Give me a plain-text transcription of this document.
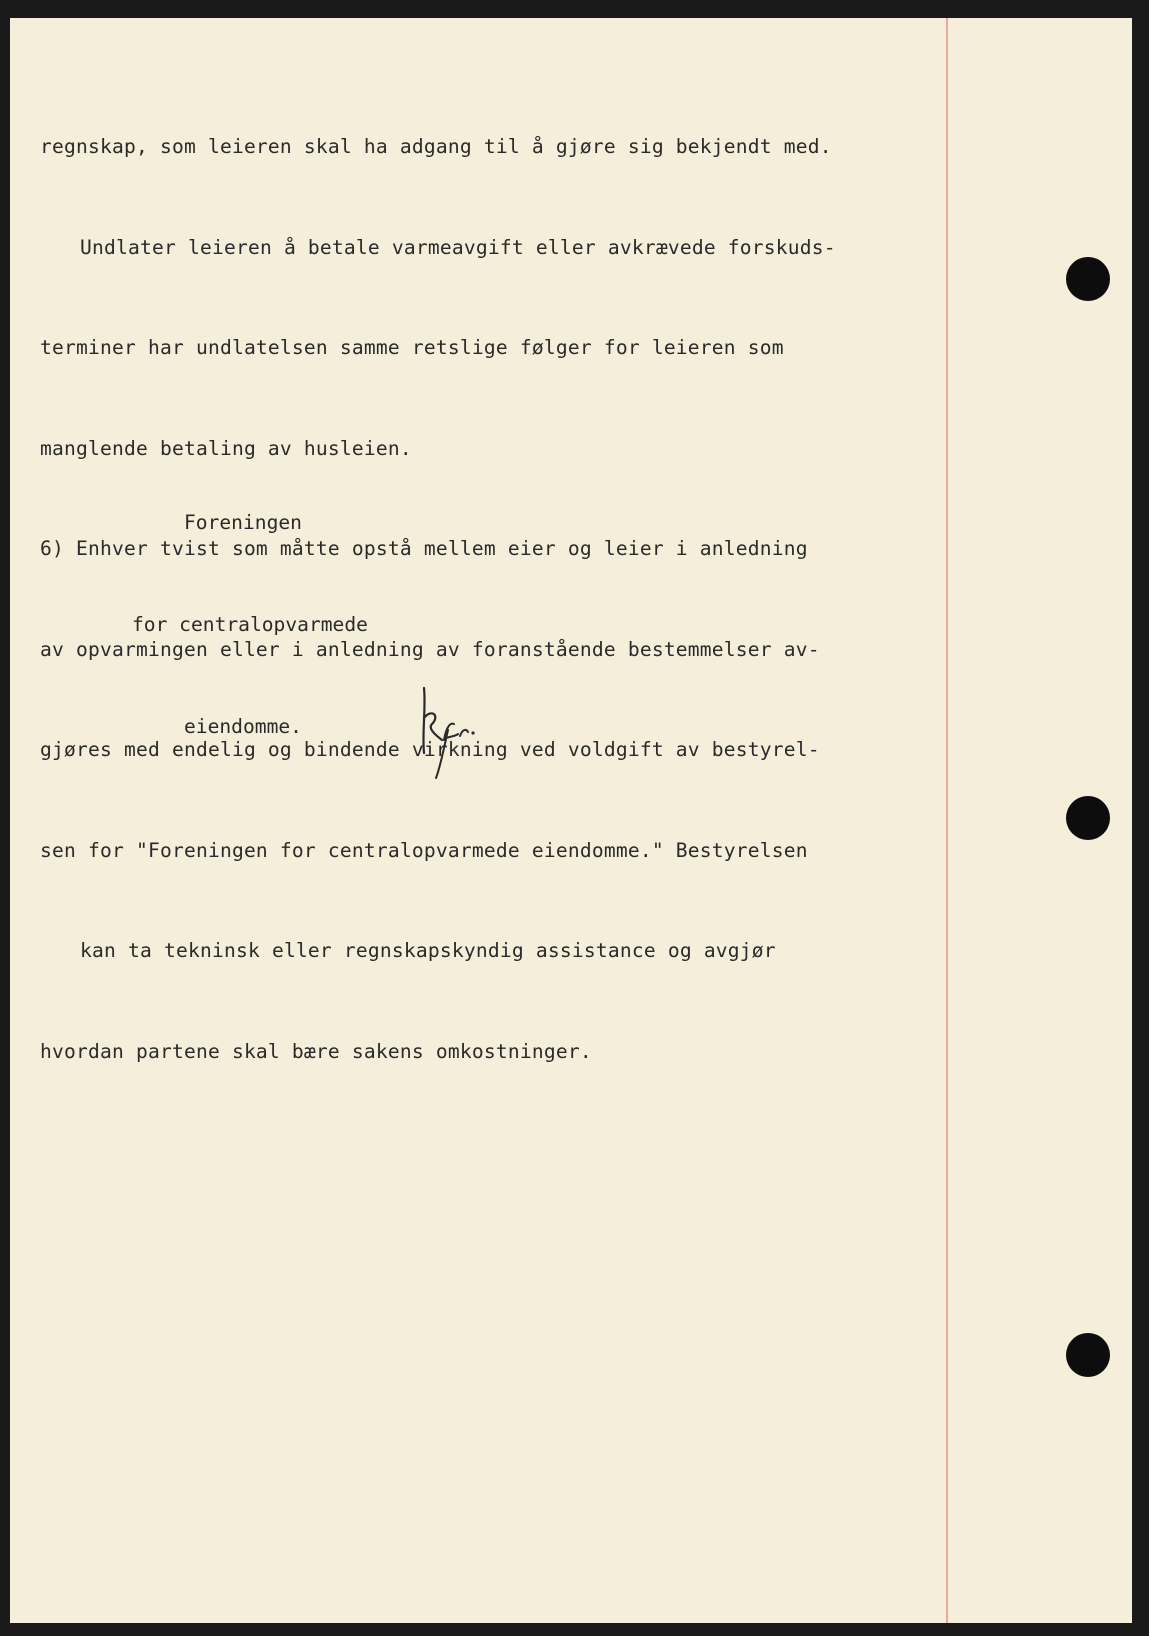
regnskap, som leieren skal ha adgang til å gjøre sig bekjendt med.

Undlater leieren å betale varmeavgift eller avkrævede forskuds-

terminer har undlatelsen samme retslige følger for leieren som

manglende betaling av husleien.

6) Enhver tvist som måtte opstå mellem eier og leier i anledning

av opvarmingen eller i anledning av foranstående bestemmelser av-

gjøres med endelig og bindende virkning ved voldgift av bestyrel-

sen for "Foreningen for centralopvarmede eiendomme." Bestyrelsen

kan ta tekninsk eller regnskapskyndig assistance og avgjør

hvordan partene skal bære sakens omkostninger.

Foreningen

for centralopvarmede

eiendomme.
